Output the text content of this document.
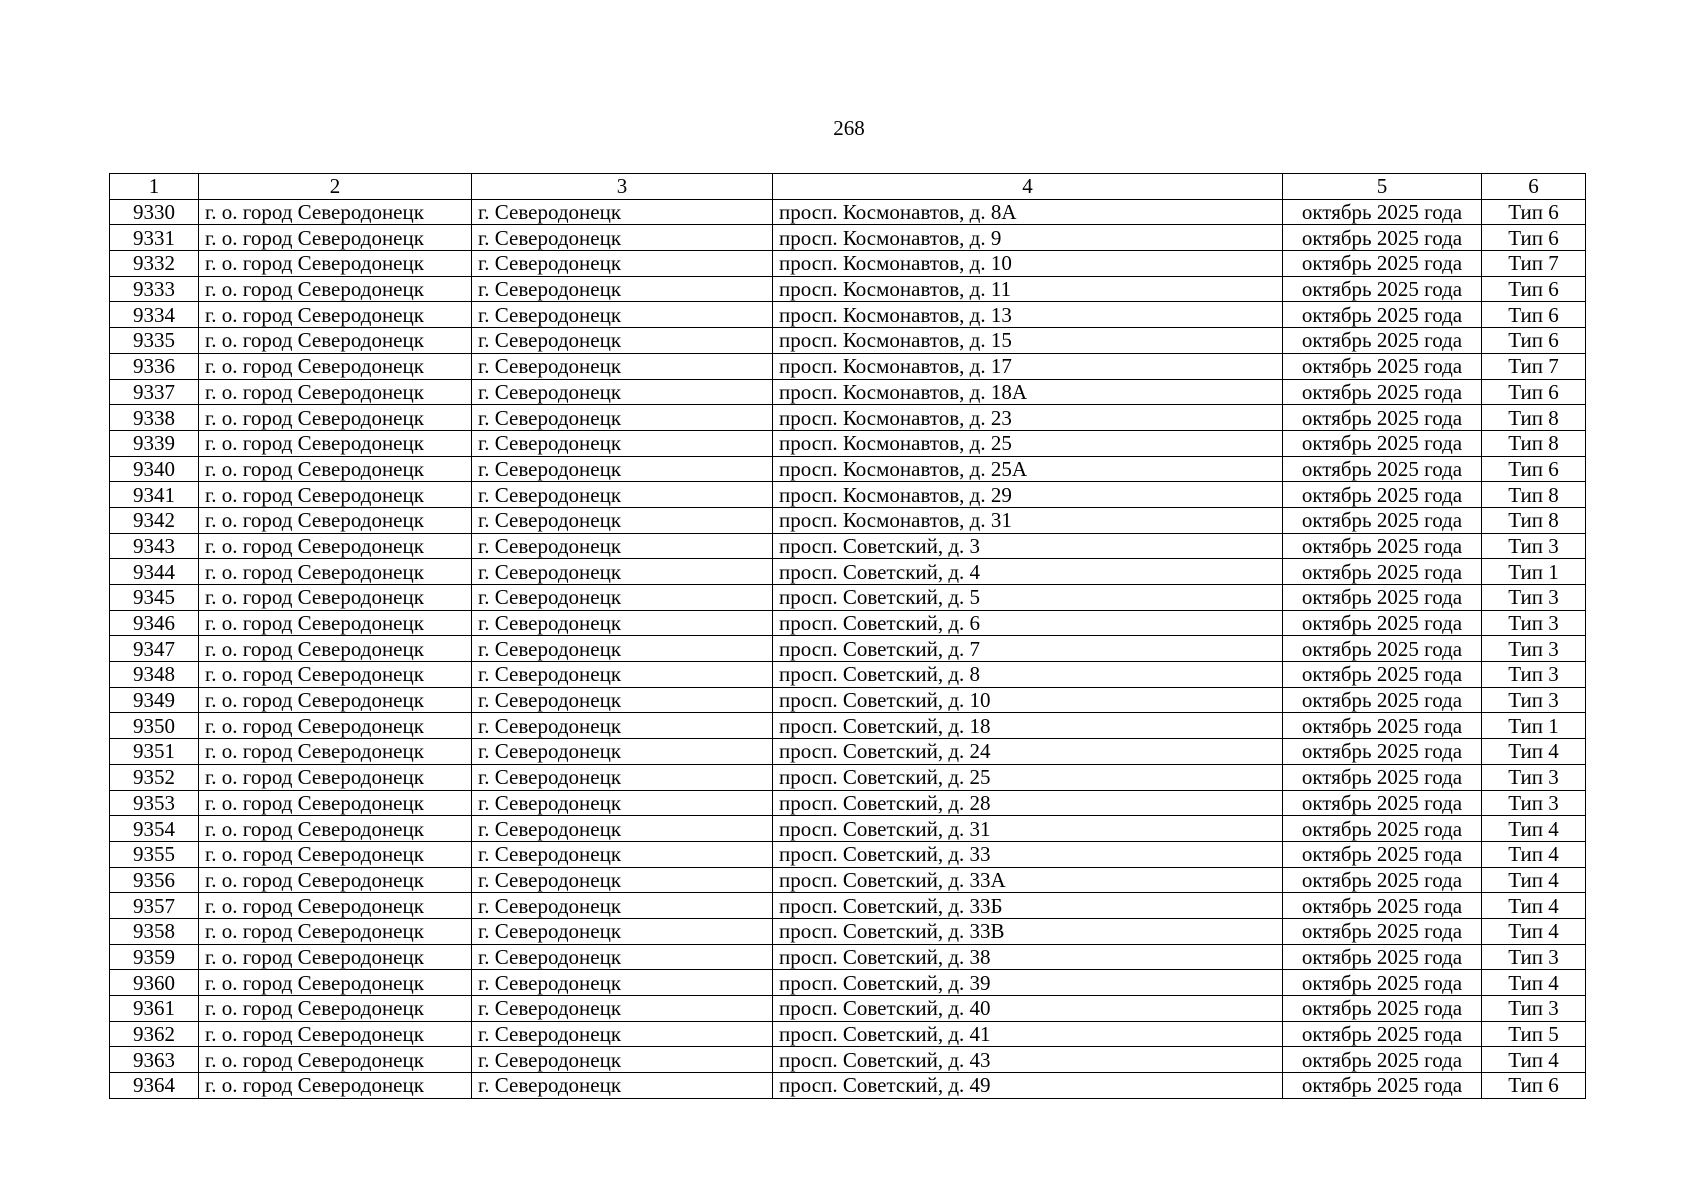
268
1	2	3	4	5	6
9330	г. о. город Северодонецк	г. Северодонецк	просп. Космонавтов, д. 8А	октябрь 2025 года	Тип 6
9331	г. о. город Северодонецк	г. Северодонецк	просп. Космонавтов, д. 9	октябрь 2025 года	Тип 6
9332	г. о. город Северодонецк	г. Северодонецк	просп. Космонавтов, д. 10	октябрь 2025 года	Тип 7
9333	г. о. город Северодонецк	г. Северодонецк	просп. Космонавтов, д. 11	октябрь 2025 года	Тип 6
9334	г. о. город Северодонецк	г. Северодонецк	просп. Космонавтов, д. 13	октябрь 2025 года	Тип 6
9335	г. о. город Северодонецк	г. Северодонецк	просп. Космонавтов, д. 15	октябрь 2025 года	Тип 6
9336	г. о. город Северодонецк	г. Северодонецк	просп. Космонавтов, д. 17	октябрь 2025 года	Тип 7
9337	г. о. город Северодонецк	г. Северодонецк	просп. Космонавтов, д. 18А	октябрь 2025 года	Тип 6
9338	г. о. город Северодонецк	г. Северодонецк	просп. Космонавтов, д. 23	октябрь 2025 года	Тип 8
9339	г. о. город Северодонецк	г. Северодонецк	просп. Космонавтов, д. 25	октябрь 2025 года	Тип 8
9340	г. о. город Северодонецк	г. Северодонецк	просп. Космонавтов, д. 25А	октябрь 2025 года	Тип 6
9341	г. о. город Северодонецк	г. Северодонецк	просп. Космонавтов, д. 29	октябрь 2025 года	Тип 8
9342	г. о. город Северодонецк	г. Северодонецк	просп. Космонавтов, д. 31	октябрь 2025 года	Тип 8
9343	г. о. город Северодонецк	г. Северодонецк	просп. Советский, д. 3	октябрь 2025 года	Тип 3
9344	г. о. город Северодонецк	г. Северодонецк	просп. Советский, д. 4	октябрь 2025 года	Тип 1
9345	г. о. город Северодонецк	г. Северодонецк	просп. Советский, д. 5	октябрь 2025 года	Тип 3
9346	г. о. город Северодонецк	г. Северодонецк	просп. Советский, д. 6	октябрь 2025 года	Тип 3
9347	г. о. город Северодонецк	г. Северодонецк	просп. Советский, д. 7	октябрь 2025 года	Тип 3
9348	г. о. город Северодонецк	г. Северодонецк	просп. Советский, д. 8	октябрь 2025 года	Тип 3
9349	г. о. город Северодонецк	г. Северодонецк	просп. Советский, д. 10	октябрь 2025 года	Тип 3
9350	г. о. город Северодонецк	г. Северодонецк	просп. Советский, д. 18	октябрь 2025 года	Тип 1
9351	г. о. город Северодонецк	г. Северодонецк	просп. Советский, д. 24	октябрь 2025 года	Тип 4
9352	г. о. город Северодонецк	г. Северодонецк	просп. Советский, д. 25	октябрь 2025 года	Тип 3
9353	г. о. город Северодонецк	г. Северодонецк	просп. Советский, д. 28	октябрь 2025 года	Тип 3
9354	г. о. город Северодонецк	г. Северодонецк	просп. Советский, д. 31	октябрь 2025 года	Тип 4
9355	г. о. город Северодонецк	г. Северодонецк	просп. Советский, д. 33	октябрь 2025 года	Тип 4
9356	г. о. город Северодонецк	г. Северодонецк	просп. Советский, д. 33А	октябрь 2025 года	Тип 4
9357	г. о. город Северодонецк	г. Северодонецк	просп. Советский, д. 33Б	октябрь 2025 года	Тип 4
9358	г. о. город Северодонецк	г. Северодонецк	просп. Советский, д. 33В	октябрь 2025 года	Тип 4
9359	г. о. город Северодонецк	г. Северодонецк	просп. Советский, д. 38	октябрь 2025 года	Тип 3
9360	г. о. город Северодонецк	г. Северодонецк	просп. Советский, д. 39	октябрь 2025 года	Тип 4
9361	г. о. город Северодонецк	г. Северодонецк	просп. Советский, д. 40	октябрь 2025 года	Тип 3
9362	г. о. город Северодонецк	г. Северодонецк	просп. Советский, д. 41	октябрь 2025 года	Тип 5
9363	г. о. город Северодонецк	г. Северодонецк	просп. Советский, д. 43	октябрь 2025 года	Тип 4
9364	г. о. город Северодонецк	г. Северодонецк	просп. Советский, д. 49	октябрь 2025 года	Тип 6
